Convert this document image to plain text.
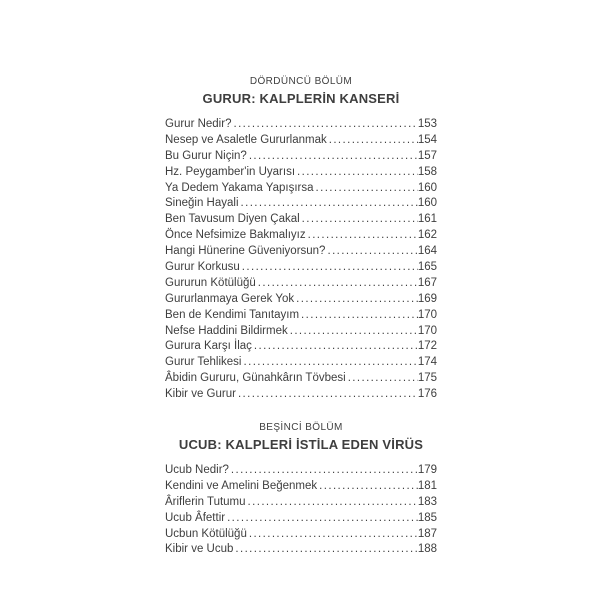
DÖRDÜNCÜ BÖLÜM
GURUR: KALPLERİN KANSERİ
Gurur Nedir? .....	153
Nesep ve Asaletle Gururlanmak .....	154
Bu Gurur Niçin? .....	157
Hz. Peygamber'in Uyarısı .....	158
Ya Dedem Yakama Yapışırsa .....	160
Sineğin Hayali .....	160
Ben Tavusum Diyen Çakal .....	161
Önce Nefsimize Bakmalıyız .....	162
Hangi Hünerine Güveniyorsun? .....	164
Gurur Korkusu .....	165
Gururun Kötülüğü .....	167
Gururlanmaya Gerek Yok .....	169
Ben de Kendimi Tanıtayım .....	170
Nefse Haddini Bildirmek .....	170
Gurura Karşı İlaç .....	172
Gurur Tehlikesi .....	174
Âbidin Gururu, Günahkârın Tövbesi .....	175
Kibir ve Gurur .....	176
BEŞİNCİ BÖLÜM
UCUB: KALPLERİ İSTİLA EDEN VİRÜS
Ucub Nedir? .....	179
Kendini ve Amelini Beğenmek .....	181
Âriflerin Tutumu .....	183
Ucub Âfettir .....	185
Ucbun Kötülüğü .....	187
Kibir ve Ucub .....	188
